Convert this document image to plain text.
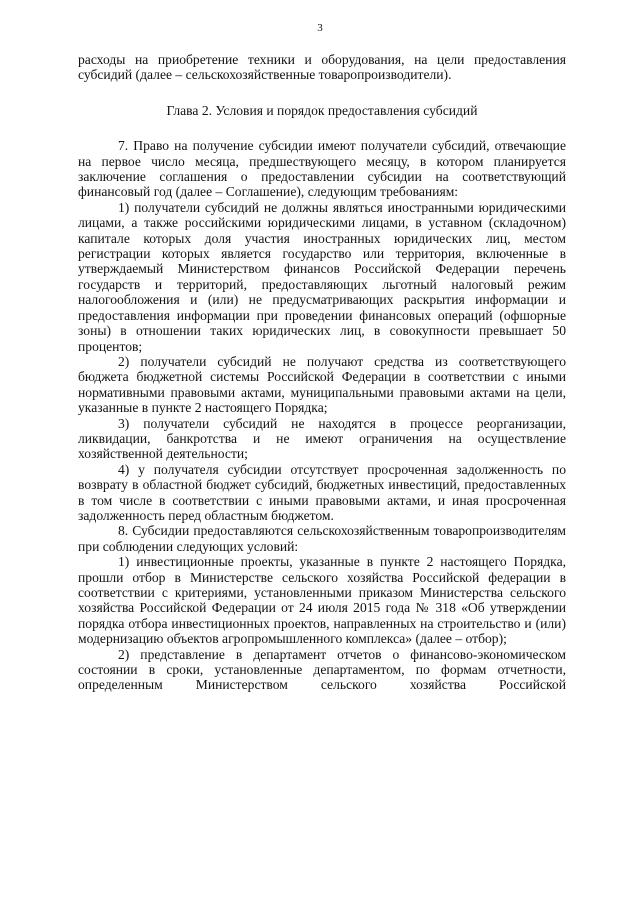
3

расходы на приобретение техники и оборудования, на цели предоставления субсидий (далее – сельскохозяйственные товаропроизводители).

Глава 2. Условия и порядок предоставления субсидий

7. Право на получение субсидии имеют получатели субсидий, отвечающие на первое число месяца, предшествующего месяцу, в котором планируется заключение соглашения о предоставлении субсидии на соответствующий финансовый год (далее – Соглашение), следующим требованиям:

1) получатели субсидий не должны являться иностранными юридическими лицами, а также российскими юридическими лицами, в уставном (складочном) капитале которых доля участия иностранных юридических лиц, местом регистрации которых является государство или территория, включенные в утверждаемый Министерством финансов Российской Федерации перечень государств и территорий, предоставляющих льготный налоговый режим налогообложения и (или) не предусматривающих раскрытия информации и предоставления информации при проведении финансовых операций (офшорные зоны) в отношении таких юридических лиц, в совокупности превышает 50 процентов;

2) получатели субсидий не получают средства из соответствующего бюджета бюджетной системы Российской Федерации в соответствии с иными нормативными правовыми актами, муниципальными правовыми актами на цели, указанные в пункте 2 настоящего Порядка;

3) получатели субсидий не находятся в процессе реорганизации, ликвидации, банкротства и не имеют ограничения на осуществление хозяйственной деятельности;

4) у получателя субсидии отсутствует просроченная задолженность по возврату в областной бюджет субсидий, бюджетных инвестиций, предоставленных в том числе в соответствии с иными правовыми актами, и иная просроченная задолженность перед областным бюджетом.

8. Субсидии предоставляются сельскохозяйственным товаропроизводителям при соблюдении следующих условий:

1) инвестиционные проекты, указанные в пункте 2 настоящего Порядка, прошли отбор в Министерстве сельского хозяйства Российской федерации в соответствии с критериями, установленными приказом Министерства сельского хозяйства Российской Федерации от 24 июля 2015 года № 318 «Об утверждении порядка отбора инвестиционных проектов, направленных на строительство и (или) модернизацию объектов агропромышленного комплекса» (далее – отбор);

2) представление в департамент отчетов о финансово-экономическом состоянии в сроки, установленные департаментом, по формам отчетности, определенным Министерством сельского хозяйства Российской
